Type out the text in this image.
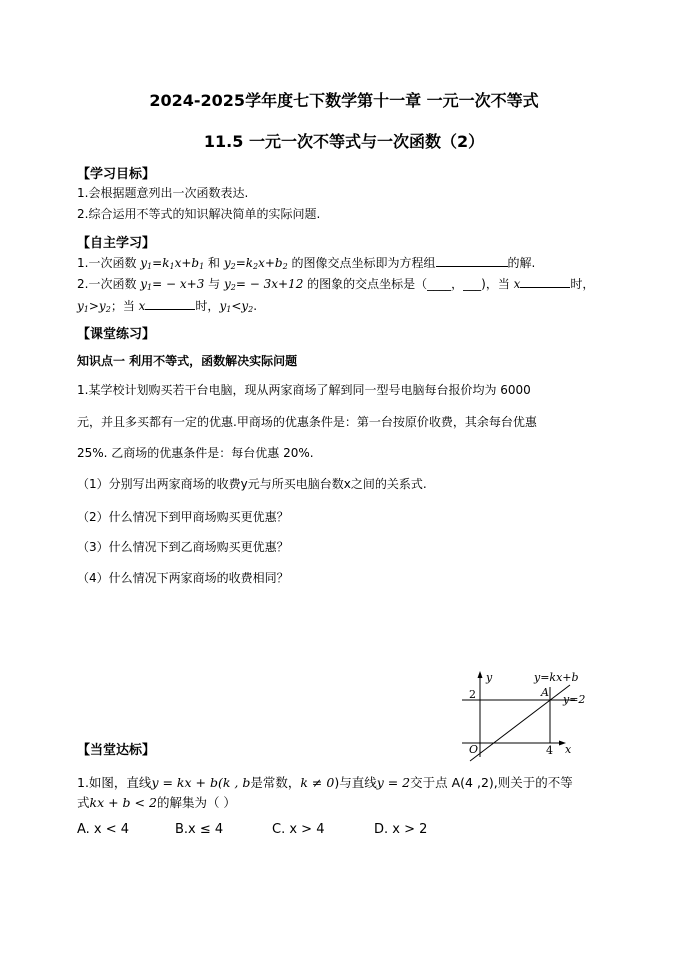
2024-2025学年度七下数学第十一章 一元一次不等式
11.5 一元一次不等式与一次函数（2）
【学习目标】
1.会根据题意列出一次函数表达.
2.综合运用不等式的知识解决简单的实际问题.
【自主学习】
1.一次函数 $y_1=k_1x+b_1$ 和 $y_2=k_2x+b_2$ 的图像交点坐标即为方程组	的解.
2.一次函数 $y_1= - x+3$ 与 $y_2= - 3x+12$ 的图象的交点坐标是（____，___)，当 x	时，
$y_1>y_2$；当 x	时，$y_1<y_2$.
【课堂练习】
知识点一 利用不等式，函数解决实际问题
1.某学校计划购买若干台电脑，现从两家商场了解到同一型号电脑每台报价均为 6000
元，并且多买都有一定的优惠.甲商场的优惠条件是：第一台按原价收费，其余每台优惠
25%. 乙商场的优惠条件是：每台优惠 20%.
（1）分别写出两家商场的收费y元与所买电脑台数x之间的关系式.
（2）什么情况下到甲商场购买更优惠？
（3）什么情况下到乙商场购买更优惠？
（4）什么情况下两家商场的收费相同？
y
x
O
2
4
A
y=kx+b
y=2
【当堂达标】
1.如图，直线y = kx + b(k , b是常数，k ≠ 0)与直线y = 2交于点 A(4 ,2),则关于的不等
式kx + b < 2的解集为（ ）
A. x < 4	B.x ≤ 4	C. x > 4	D. x > 2
